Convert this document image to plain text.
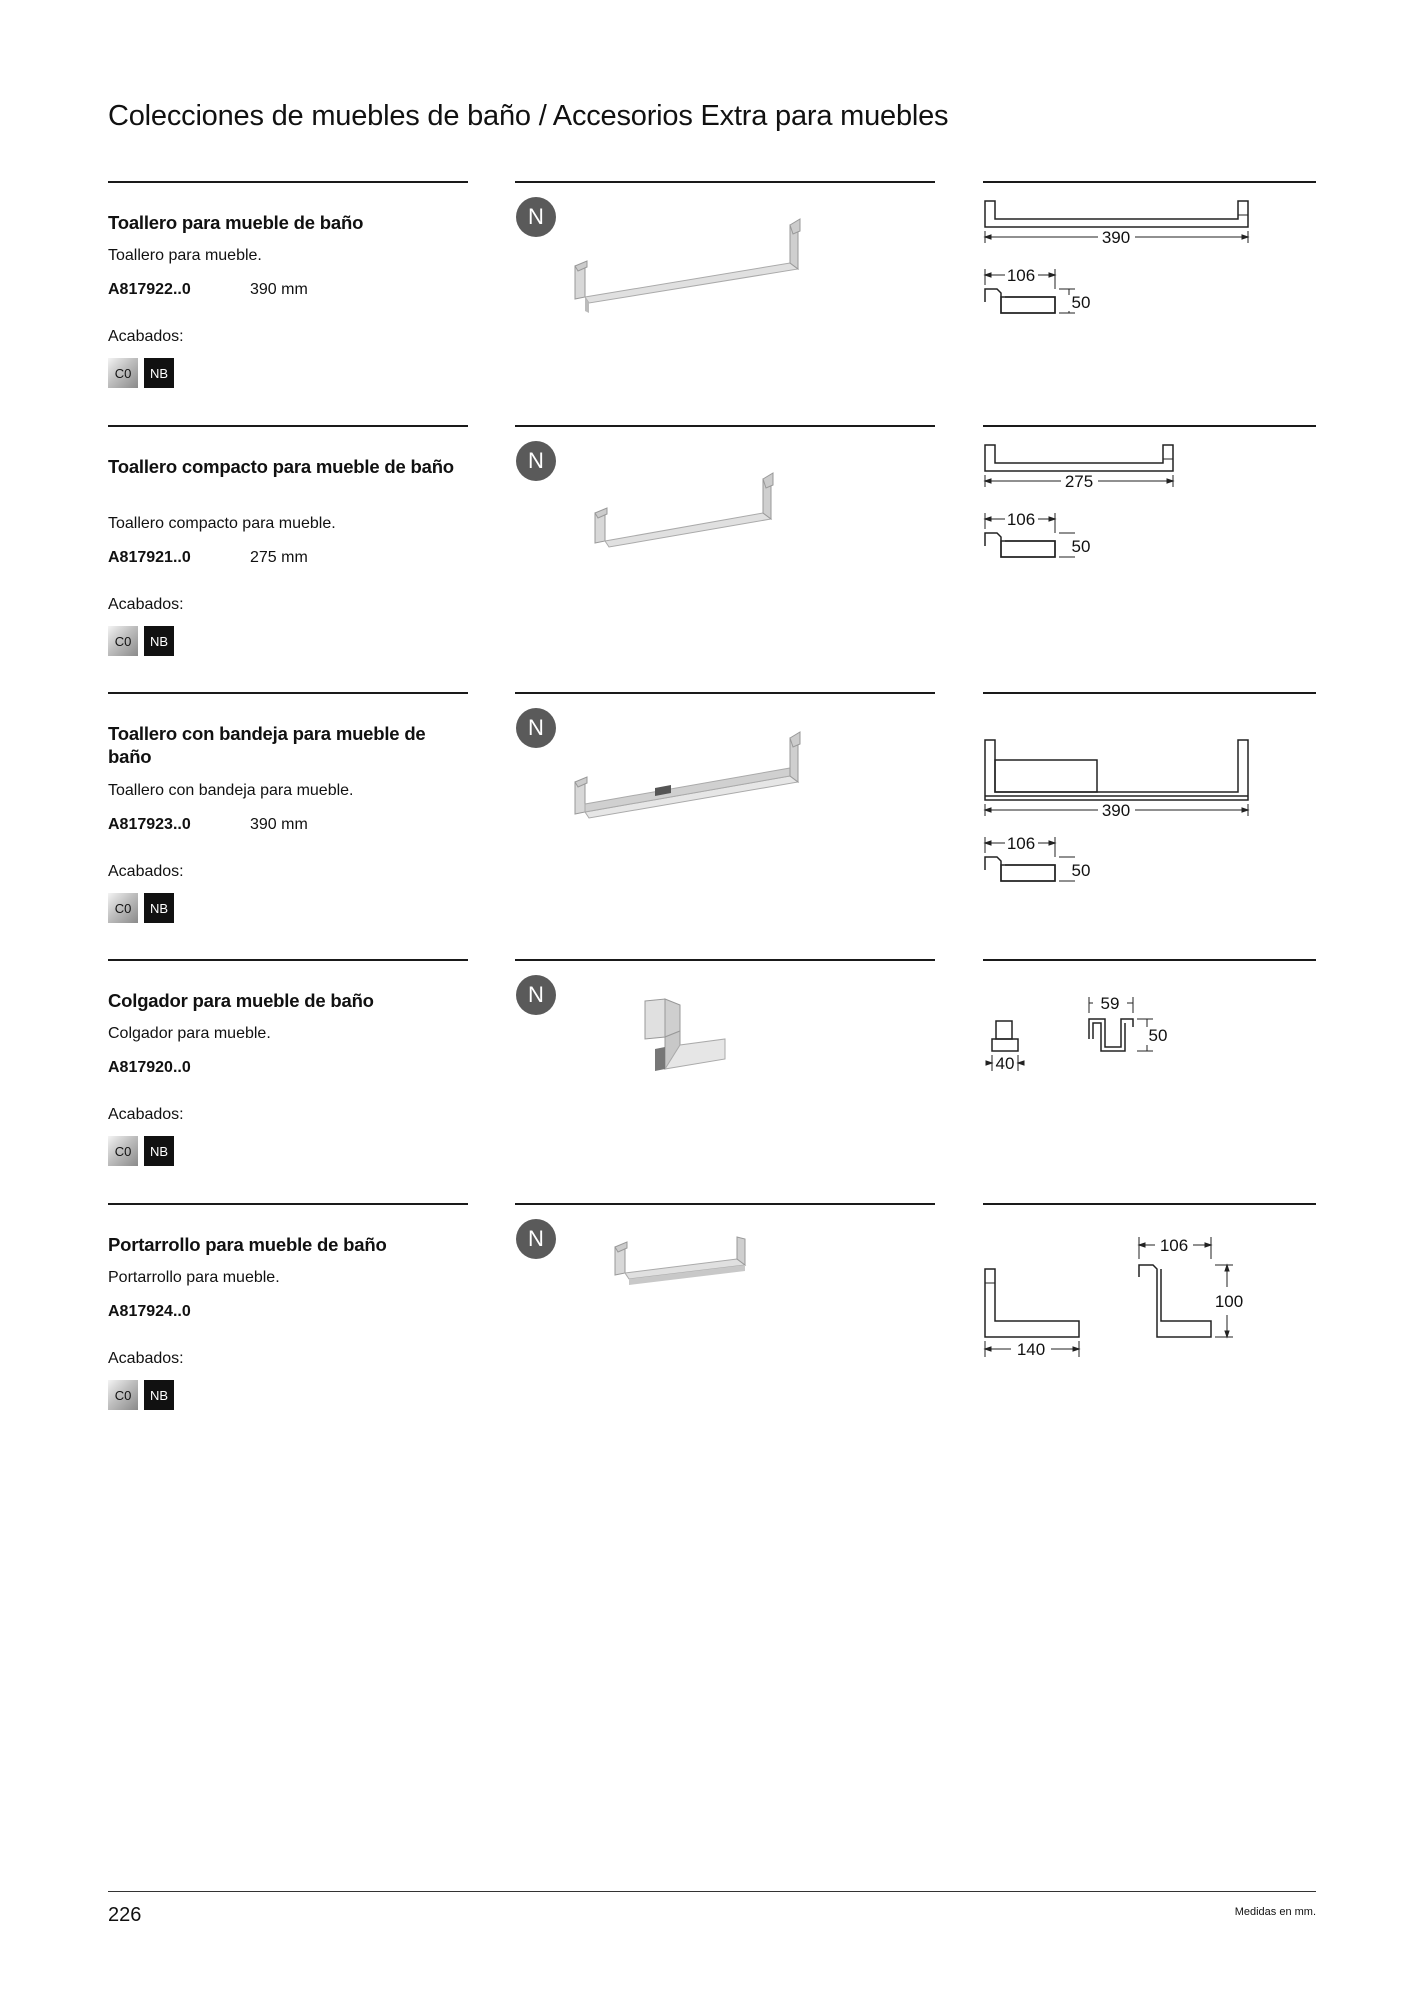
Colecciones de muebles de baño / Accesorios Extra para muebles
Toallero para mueble de baño
Toallero para mueble.
A817922..0	390 mm
Acabados:
C0	NB
N
390
106
50
Toallero compacto para mueble de baño
Toallero compacto para mueble.
A817921..0	275 mm
Acabados:
C0	NB
N
275
106
50
Toallero con bandeja para mueble de baño
Toallero con bandeja para mueble.
A817923..0	390 mm
Acabados:
C0	NB
N
390
106
50
Colgador para mueble de baño
Colgador para mueble.
A817920..0
Acabados:
C0	NB
N
40
59
50
Portarrollo para mueble de baño
Portarrollo para mueble.
A817924..0
Acabados:
C0	NB
N
140
106
100
226	Medidas en mm.
